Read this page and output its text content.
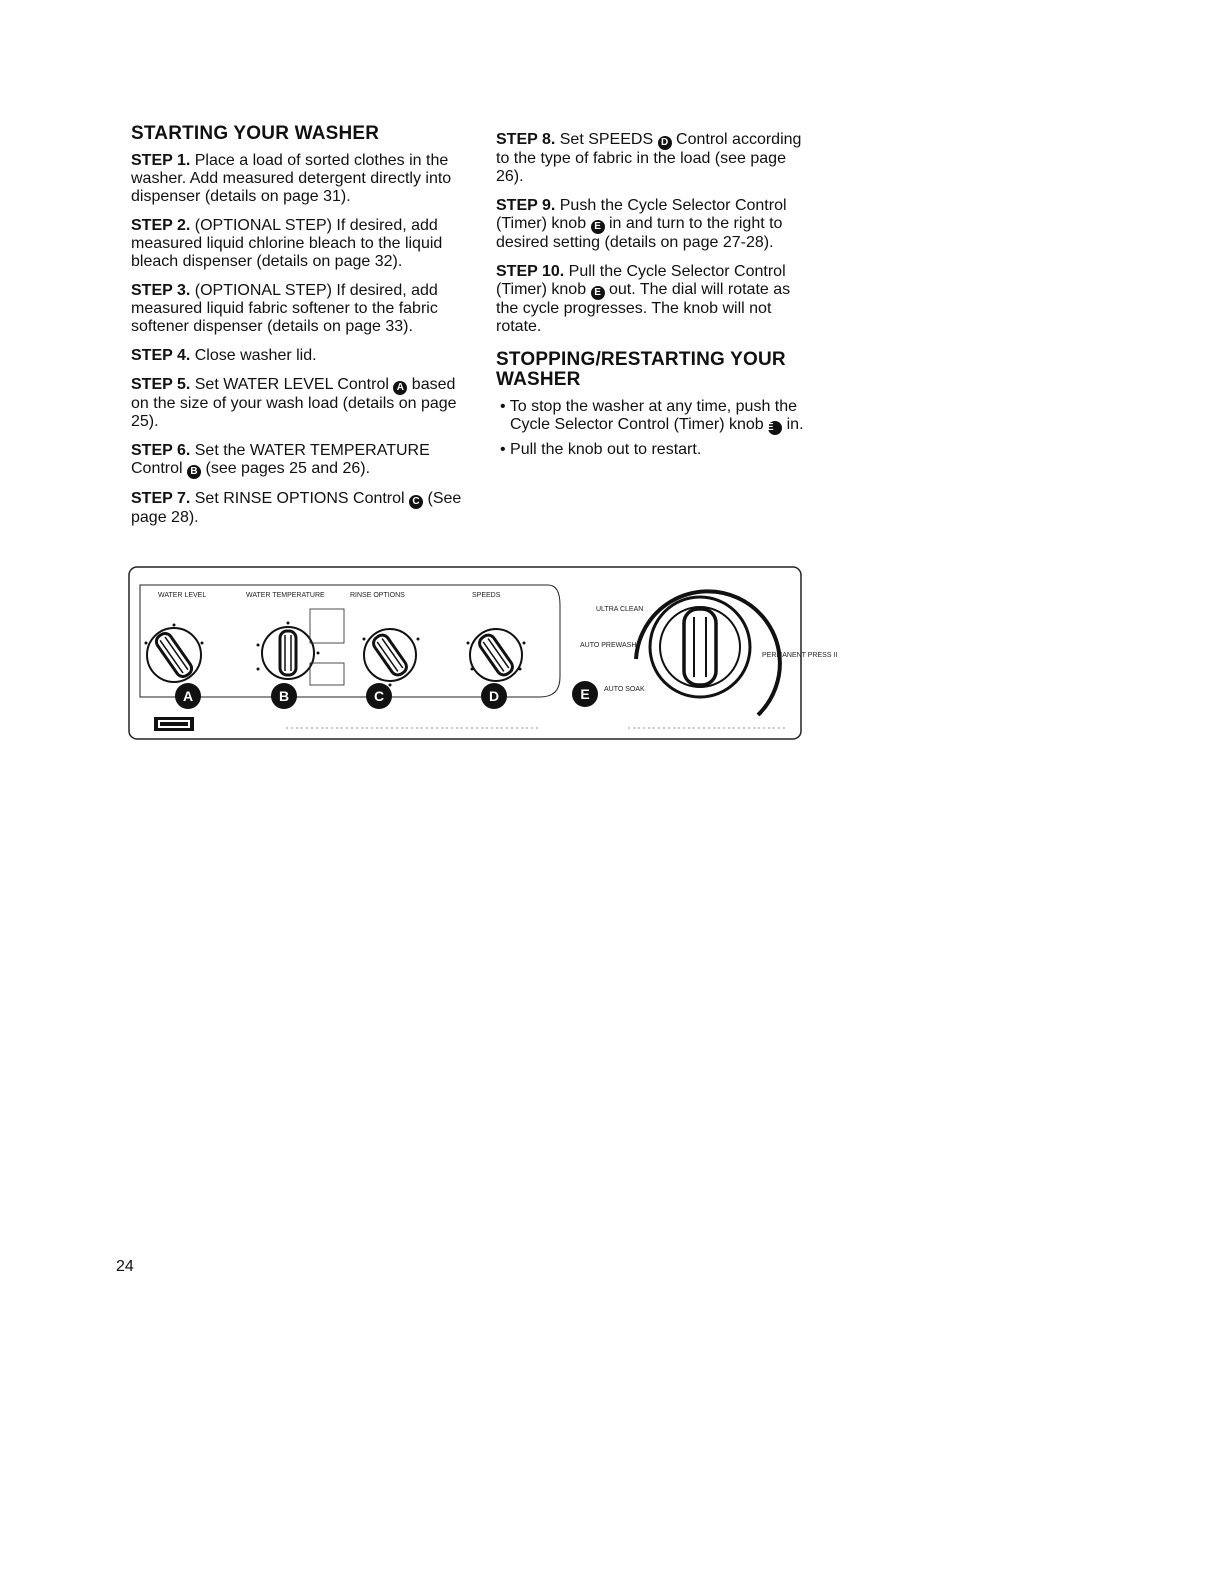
STARTING YOUR WASHER

STEP 1. Place a load of sorted clothes in the washer. Add measured detergent directly into dispenser (details on page 31).

STEP 2. (OPTIONAL STEP) If desired, add measured liquid chlorine bleach to the liquid bleach dispenser (details on page 32).

STEP 3. (OPTIONAL STEP) If desired, add measured liquid fabric softener to the fabric softener dispenser (details on page 33).

STEP 4. Close washer lid.

STEP 5. Set WATER LEVEL Control A based on the size of your wash load (details on page 25).

STEP 6. Set the WATER TEMPERATURE Control B (see pages 25 and 26).

STEP 7. Set RINSE OPTIONS Control C (See page 28).

STEP 8. Set SPEEDS D Control according to the type of fabric in the load (see page 26).

STEP 9. Push the Cycle Selector Control (Timer) knob E in and turn to the right to desired setting (details on page 27-28).

STEP 10. Pull the Cycle Selector Control (Timer) knob E out. The dial will rotate as the cycle progresses. The knob will not rotate.

STOPPING/RESTARTING YOUR WASHER
• To stop the washer at any time, push the Cycle Selector Control (Timer) knob E in.
• Pull the knob out to restart.
WATER LEVEL	WATER TEMPERATURE	RINSE OPTIONS	SPEEDS
A	B	C	D	E
ULTRA CLEAN
AUTO PREWASH
AUTO SOAK
PERMANENT PRESS II
24
